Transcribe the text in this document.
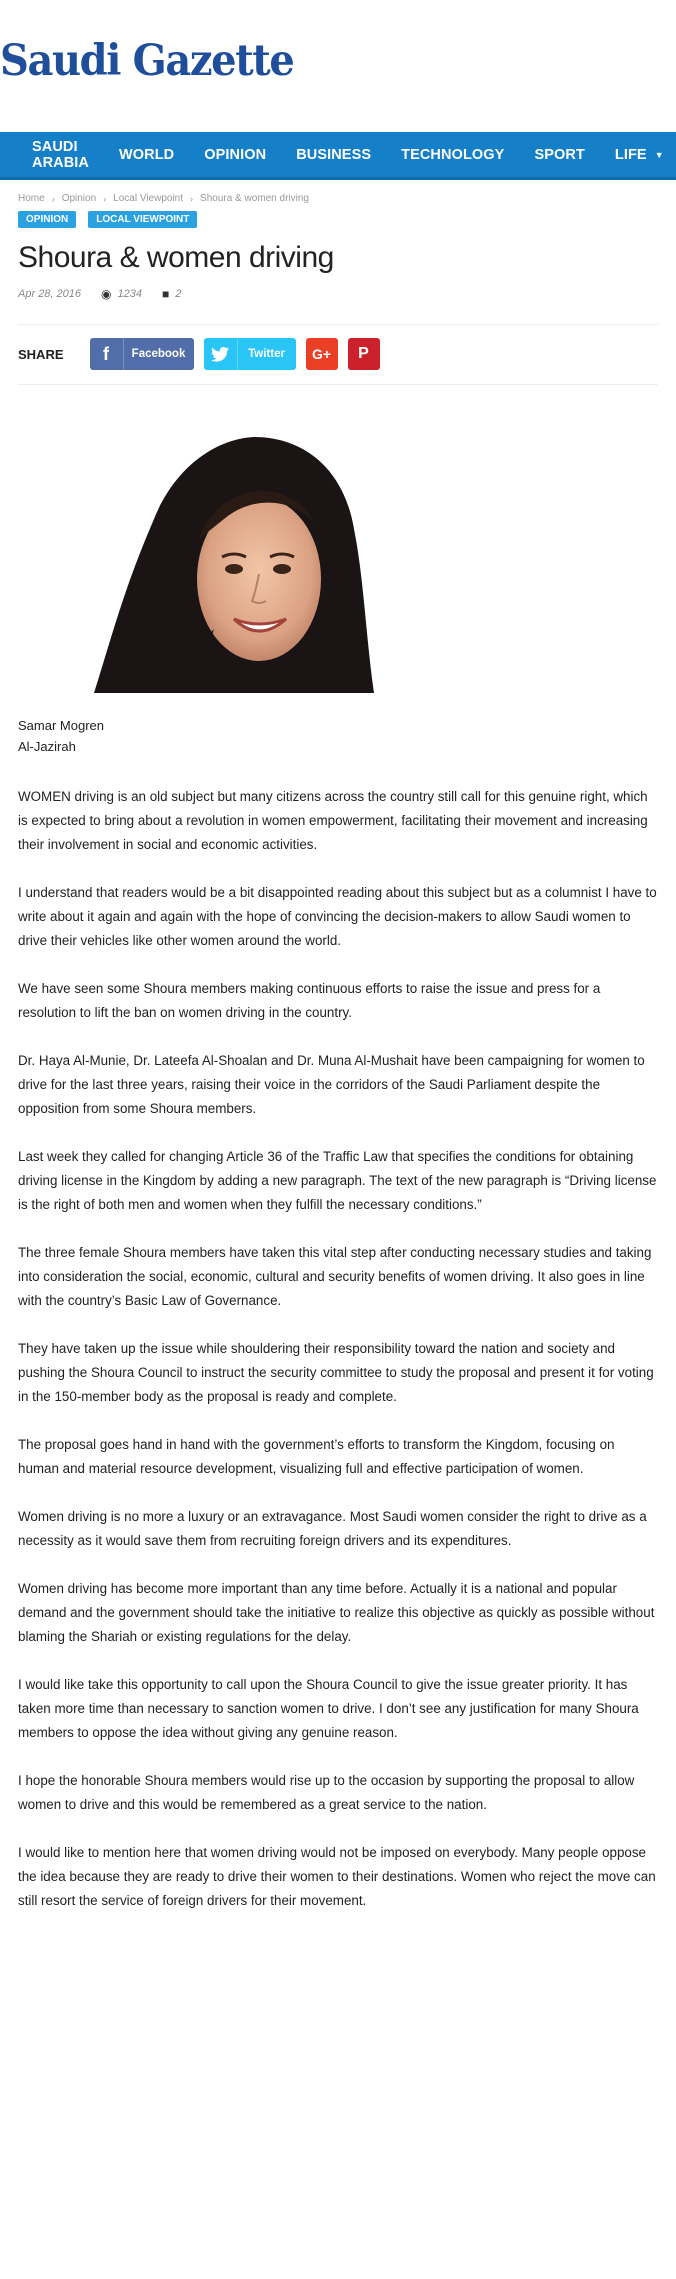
Saudi Gazette
SAUDI ARABIA WORLD OPINION BUSINESS TECHNOLOGY SPORT LIFE ▼
Home › Opinion › Local Viewpoint › Shoura & women driving
OPINION	LOCAL VIEWPOINT
Shoura & women driving
Apr 28, 2016 ◉ 1234 ■ 2
SHARE	f	Facebook	Twitter	G+ P
Samar Mogren
Al-Jazirah

WOMEN driving is an old subject but many citizens across the country still call for this genuine right, which is expected to bring about a revolution in women empowerment, facilitating their movement and increasing their involvement in social and economic activities.

I understand that readers would be a bit disappointed reading about this subject but as a columnist I have to write about it again and again with the hope of convincing the decision-makers to allow Saudi women to drive their vehicles like other women around the world.

We have seen some Shoura members making continuous efforts to raise the issue and press for a resolution to lift the ban on women driving in the country.

Dr. Haya Al-Munie, Dr. Lateefa Al-Shoalan and Dr. Muna Al-Mushait have been campaigning for women to drive for the last three years, raising their voice in the corridors of the Saudi Parliament despite the opposition from some Shoura members.

Last week they called for changing Article 36 of the Traffic Law that specifies the conditions for obtaining driving license in the Kingdom by adding a new paragraph. The text of the new paragraph is “Driving license is the right of both men and women when they fulfill the necessary conditions.”

The three female Shoura members have taken this vital step after conducting necessary studies and taking into consideration the social, economic, cultural and security benefits of women driving. It also goes in line with the country’s Basic Law of Governance.

They have taken up the issue while shouldering their responsibility toward the nation and society and pushing the Shoura Council to instruct the security committee to study the proposal and present it for voting in the 150-member body as the proposal is ready and complete.

The proposal goes hand in hand with the government’s efforts to transform the Kingdom, focusing on human and material resource development, visualizing full and effective participation of women.

Women driving is no more a luxury or an extravagance. Most Saudi women consider the right to drive as a necessity as it would save them from recruiting foreign drivers and its expenditures.

Women driving has become more important than any time before. Actually it is a national and popular demand and the government should take the initiative to realize this objective as quickly as possible without blaming the Shariah or existing regulations for the delay.

I would like take this opportunity to call upon the Shoura Council to give the issue greater priority. It has taken more time than necessary to sanction women to drive. I don’t see any justification for many Shoura members to oppose the idea without giving any genuine reason.

I hope the honorable Shoura members would rise up to the occasion by supporting the proposal to allow women to drive and this would be remembered as a great service to the nation.

I would like to mention here that women driving would not be imposed on everybody. Many people oppose the idea because they are ready to drive their women to their destinations. Women who reject the move can still resort the service of foreign drivers for their movement.
